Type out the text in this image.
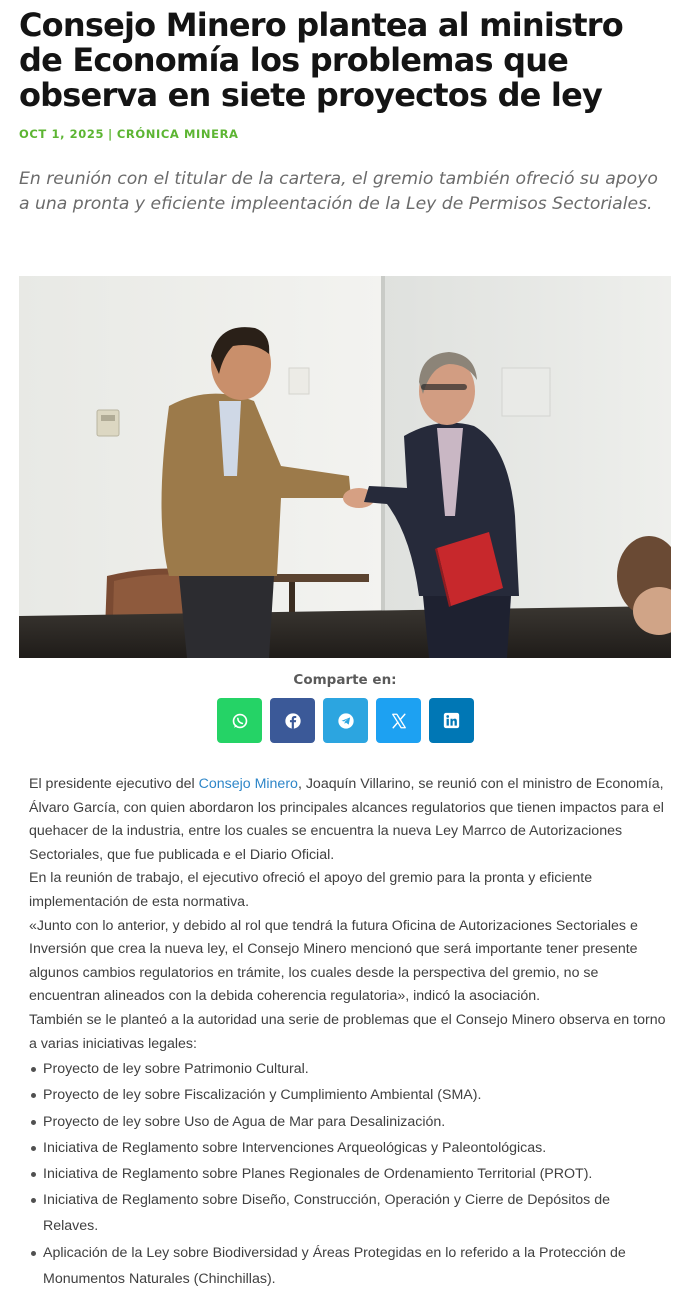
Consejo Minero plantea al ministro de Economía los problemas que observa en siete proyectos de ley
OCT 1, 2025 | CRÓNICA MINERA

En reunión con el titular de la cartera, el gremio también ofreció su apoyo a una pronta y eficiente impleentación de la Ley de Permisos Sectoriales.

Comparte en:

El presidente ejecutivo del Consejo Minero, Joaquín Villarino, se reunió con el ministro de Economía, Álvaro García, con quien abordaron los principales alcances regulatorios que tienen impactos para el quehacer de la industria, entre los cuales se encuentra la nueva Ley Marrco de Autorizaciones Sectoriales, que fue publicada e el Diario Oficial.

En la reunión de trabajo, el ejecutivo ofreció el apoyo del gremio para la pronta y eficiente implementación de esta normativa.

«Junto con lo anterior, y debido al rol que tendrá la futura Oficina de Autorizaciones Sectoriales e Inversión que crea la nueva ley, el Consejo Minero mencionó que será importante tener presente algunos cambios regulatorios en trámite, los cuales desde la perspectiva del gremio, no se encuentran alineados con la debida coherencia regulatoria», indicó la asociación.

También se le planteó a la autoridad una serie de problemas que el Consejo Minero observa en torno a varias iniciativas legales:

Proyecto de ley sobre Patrimonio Cultural.
Proyecto de ley sobre Fiscalización y Cumplimiento Ambiental (SMA).
Proyecto de ley sobre Uso de Agua de Mar para Desalinización.
Iniciativa de Reglamento sobre Intervenciones Arqueológicas y Paleontológicas.
Iniciativa de Reglamento sobre Planes Regionales de Ordenamiento Territorial (PROT).
Iniciativa de Reglamento sobre Diseño, Construcción, Operación y Cierre de Depósitos de Relaves.
Aplicación de la Ley sobre Biodiversidad y Áreas Protegidas en lo referido a la Protección de Monumentos Naturales (Chinchillas).
